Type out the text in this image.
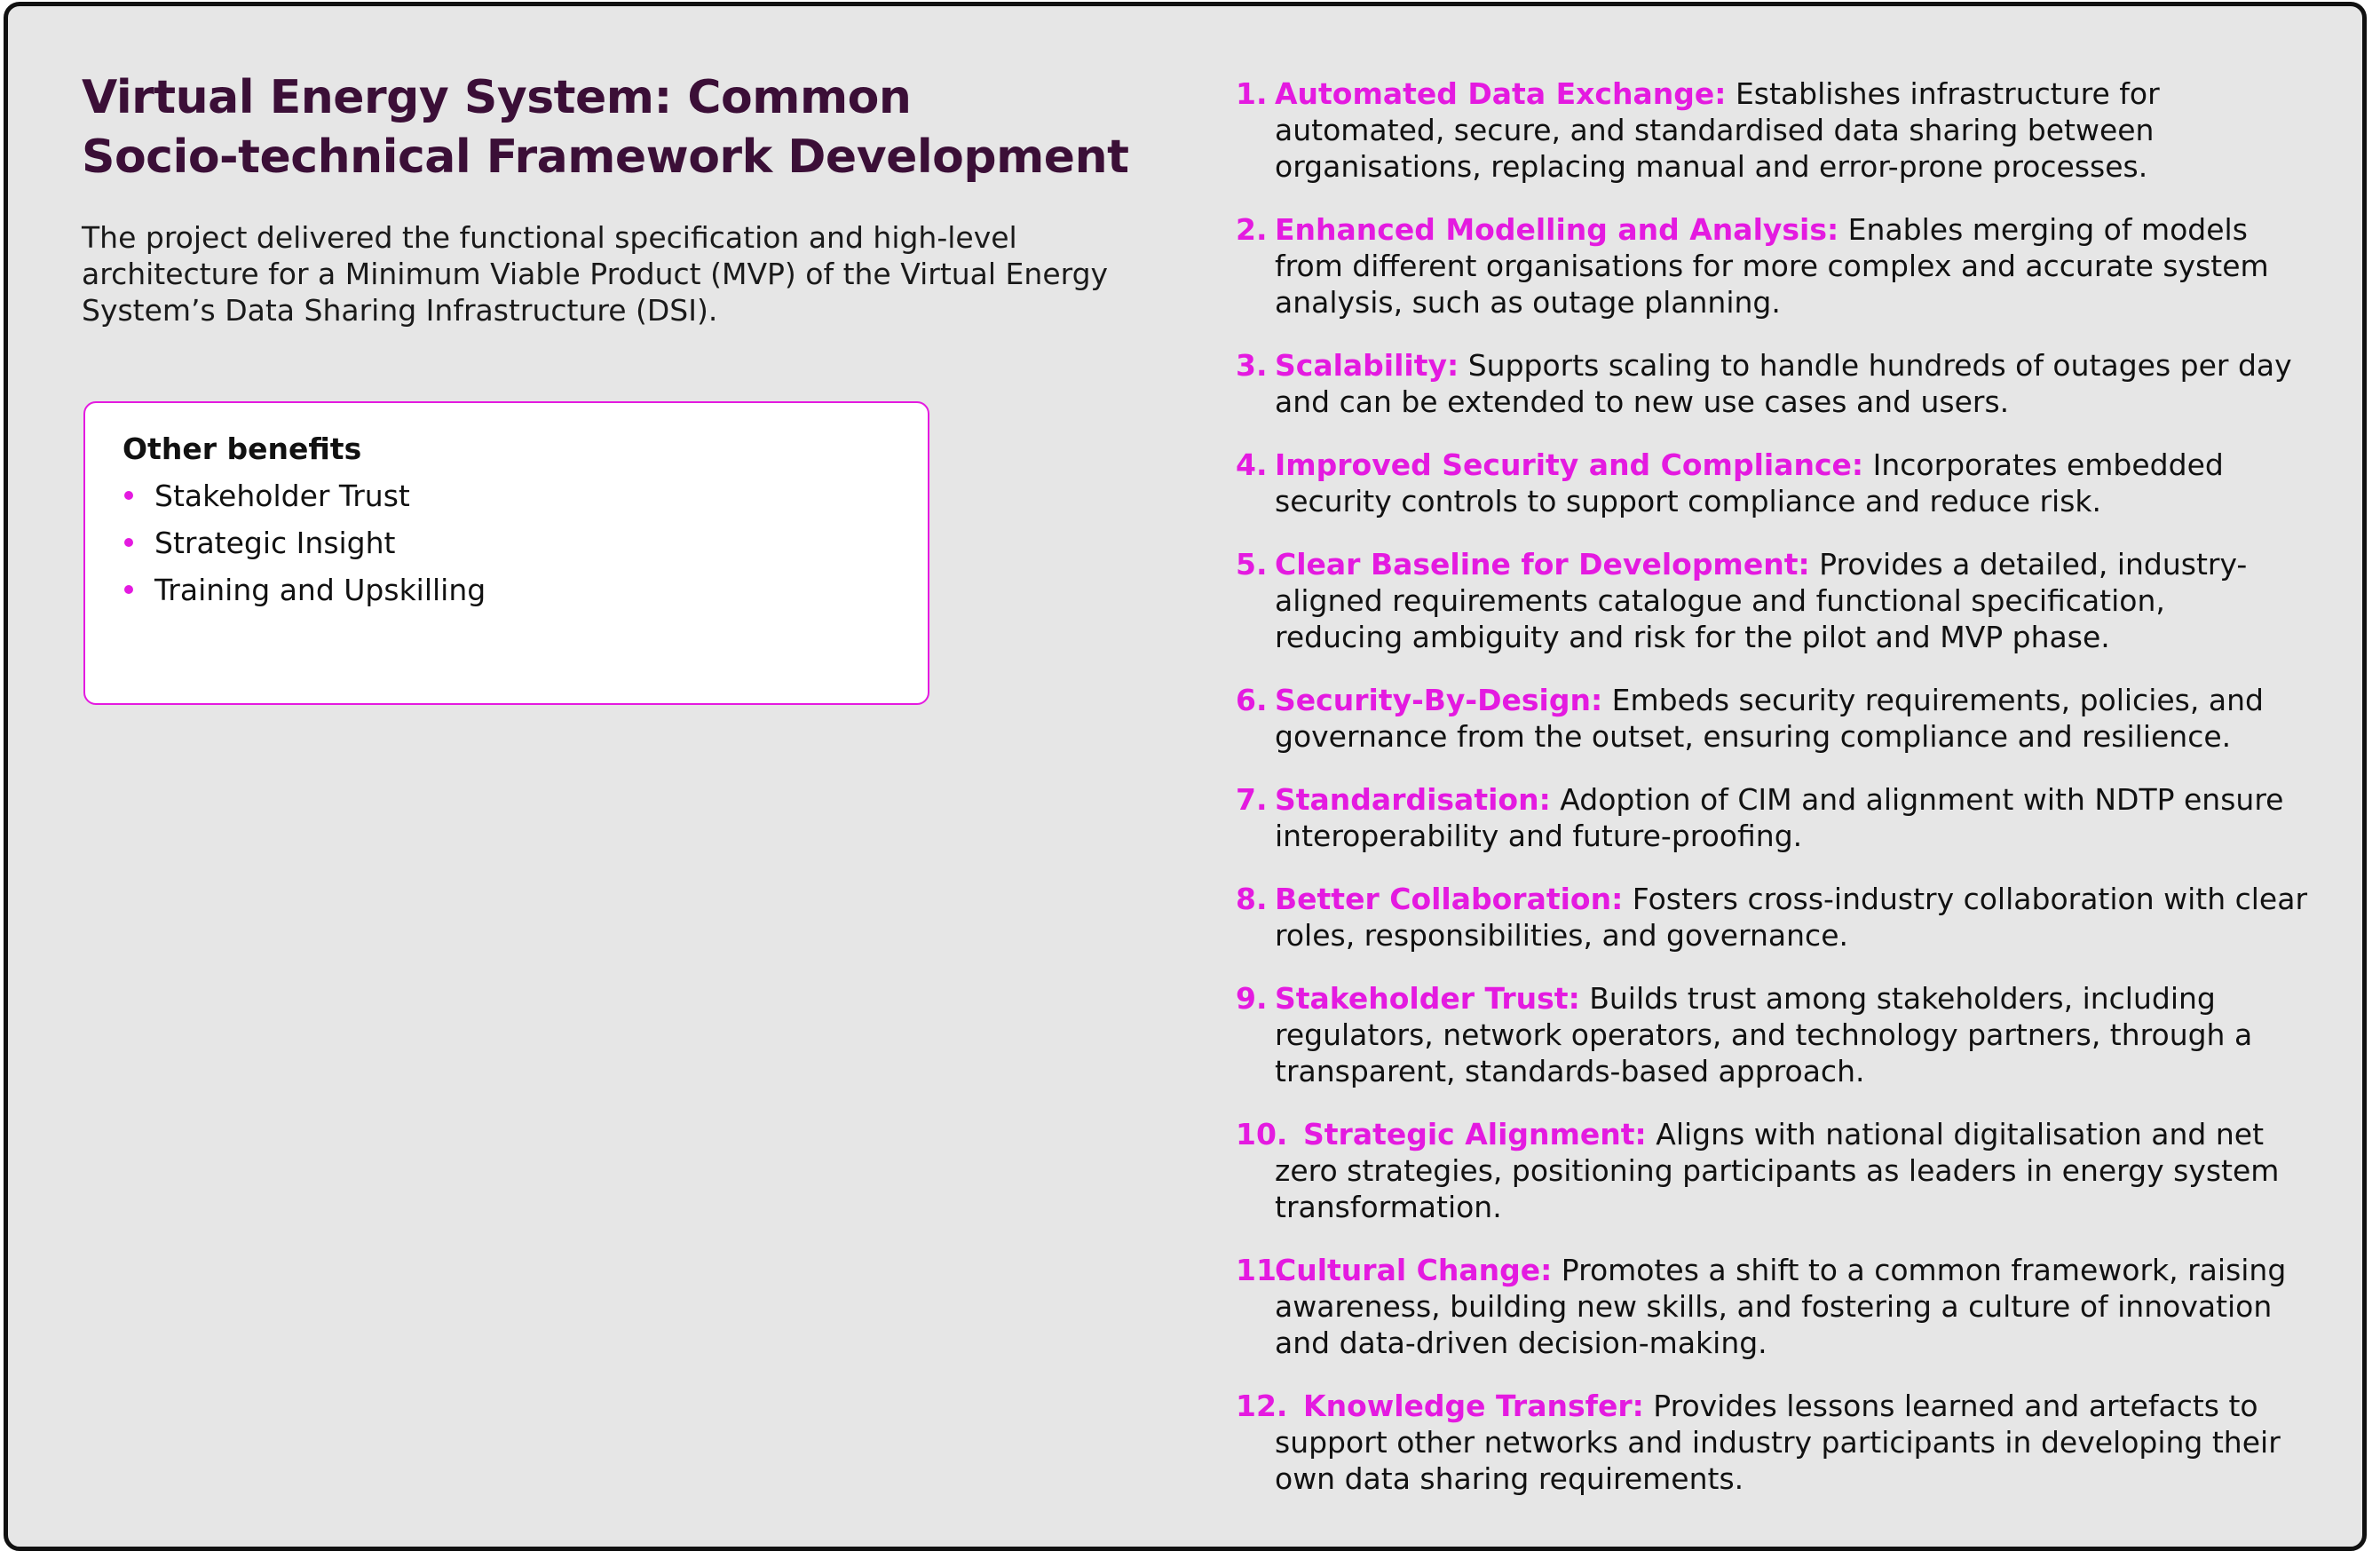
Virtual Energy System: Common
Socio-technical Framework Development

The project delivered the functional specification and high-level
architecture for a Minimum Viable Product (MVP) of the Virtual Energy
System’s Data Sharing Infrastructure (DSI).

Other benefits
Stakeholder Trust
Strategic Insight
Training and Upskilling
1. Automated Data Exchange: Establishes infrastructure for
automated, secure, and standardised data sharing between
organisations, replacing manual and error-prone processes.
2. Enhanced Modelling and Analysis: Enables merging of models
from different organisations for more complex and accurate system
analysis, such as outage planning.
3. Scalability: Supports scaling to handle hundreds of outages per day
and can be extended to new use cases and users.
4. Improved Security and Compliance: Incorporates embedded
security controls to support compliance and reduce risk.
5. Clear Baseline for Development: Provides a detailed, industry-
aligned requirements catalogue and functional specification,
reducing ambiguity and risk for the pilot and MVP phase.
6. Security-By-Design: Embeds security requirements, policies, and
governance from the outset, ensuring compliance and resilience.
7. Standardisation: Adoption of CIM and alignment with NDTP ensure
interoperability and future-proofing.
8. Better Collaboration: Fosters cross-industry collaboration with clear
roles, responsibilities, and governance.
9. Stakeholder Trust: Builds trust among stakeholders, including
regulators, network operators, and technology partners, through a
transparent, standards-based approach.
10. Strategic Alignment: Aligns with national digitalisation and net
zero strategies, positioning participants as leaders in energy system
transformation.
11.
Cultural Change: Promotes a shift to a common framework, raising
awareness, building new skills, and fostering a culture of innovation
and data-driven decision-making.
12. Knowledge Transfer: Provides lessons learned and artefacts to
support other networks and industry participants in developing their
own data sharing requirements.
